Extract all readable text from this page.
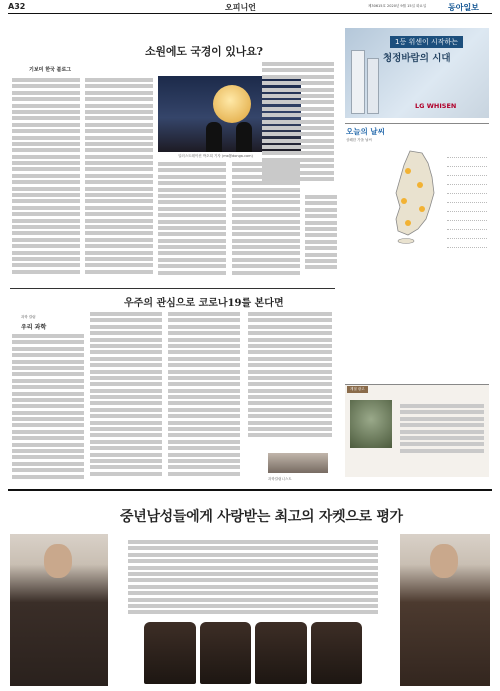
A32	오피니언	제30615호 2020년 9월 15일 화요일	동아일보
소원에도 국경이 있나요?
기보미 한국 블로그
일러스트레이션 박초희 기자 (ms@donga.com)
1등 위센이 시작하는
청정바람의 시대
LG WHISEN
오늘의 날씨
상쾌한 가을 날씨
우주의 관심으로 코로나19를 본다면
과학 칼럼
우리 과학
과학칼럼니스트
계절 광고
중년남성들에게 사랑받는 최고의 자켓으로 평가
